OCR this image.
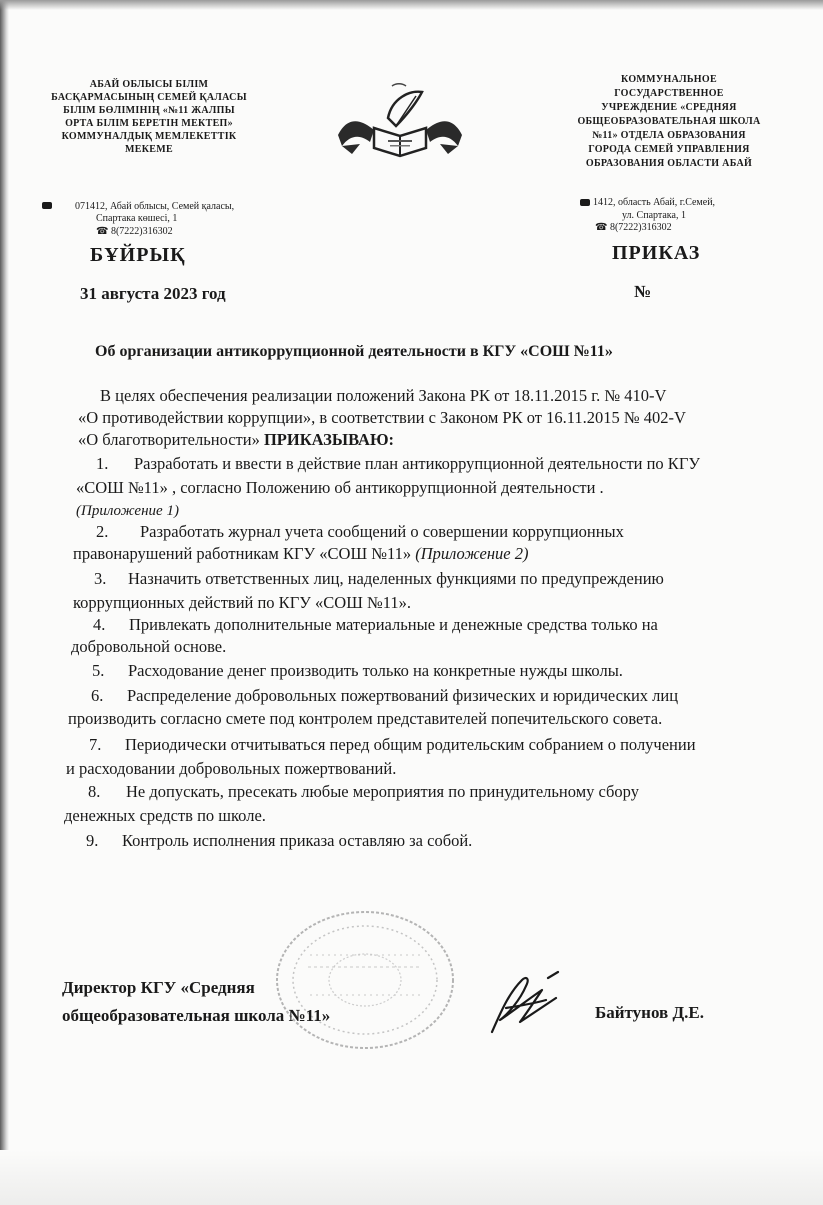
АБАЙ ОБЛЫСЫ БІЛІМ
БАСҚАРМАСЫНЫҢ СЕМЕЙ ҚАЛАСЫ
БІЛІМ БӨЛІМІНІҢ «№11 ЖАЛПЫ
ОРТА БІЛІМ БЕРЕТІН МЕКТЕП»
КОММУНАЛДЫҚ МЕМЛЕКЕТТІК
МЕКЕМЕ
КОММУНАЛЬНОЕ
ГОСУДАРСТВЕННОЕ
УЧРЕЖДЕНИЕ «СРЕДНЯЯ
ОБЩЕОБРАЗОВАТЕЛЬНАЯ ШКОЛА
№11» ОТДЕЛА ОБРАЗОВАНИЯ
ГОРОДА СЕМЕЙ УПРАВЛЕНИЯ
ОБРАЗОВАНИЯ ОБЛАСТИ АБАЙ
071412, Абай облысы, Семей қаласы,
Спартака көшесі, 1
☎ 8(7222)316302
1412, область Абай, г.Семей,
ул. Спартака, 1
☎ 8(7222)316302
БҰЙРЫҚ	ПРИКАЗ
31 августа 2023 год	№
Об организации антикоррупционной деятельности в КГУ «СОШ №11»
В целях обеспечения реализации положений Закона РК от 18.11.2015 г. № 410-V
«О противодействии коррупции», в соответствии с Законом РК от 16.11.2015 № 402-V
«О благотворительности» ПРИКАЗЫВАЮ:
1. Разработать и ввести в действие план антикоррупционной деятельности по КГУ
«СОШ №11» , согласно Положению об антикоррупционной деятельности .
(Приложение 1)
2. Разработать журнал учета сообщений о совершении коррупционных
правонарушений работникам КГУ «СОШ №11» (Приложение 2)
3. Назначить ответственных лиц, наделенных функциями по предупреждению
коррупционных действий по КГУ «СОШ №11».
4. Привлекать дополнительные материальные и денежные средства только на
добровольной основе.
5. Расходование денег производить только на конкретные нужды школы.
6. Распределение добровольных пожертвований физических и юридических лиц
производить согласно смете под контролем представителей попечительского совета.
7. Периодически отчитываться перед общим родительским собранием о получении
и расходовании добровольных пожертвований.
8. Не допускать, пресекать любые мероприятия по принудительному сбору
денежных средств по школе.
9. Контроль исполнения приказа оставляю за собой.
Директор КГУ «Средняя
общеобразовательная школа №11»	Байтунов Д.Е.
